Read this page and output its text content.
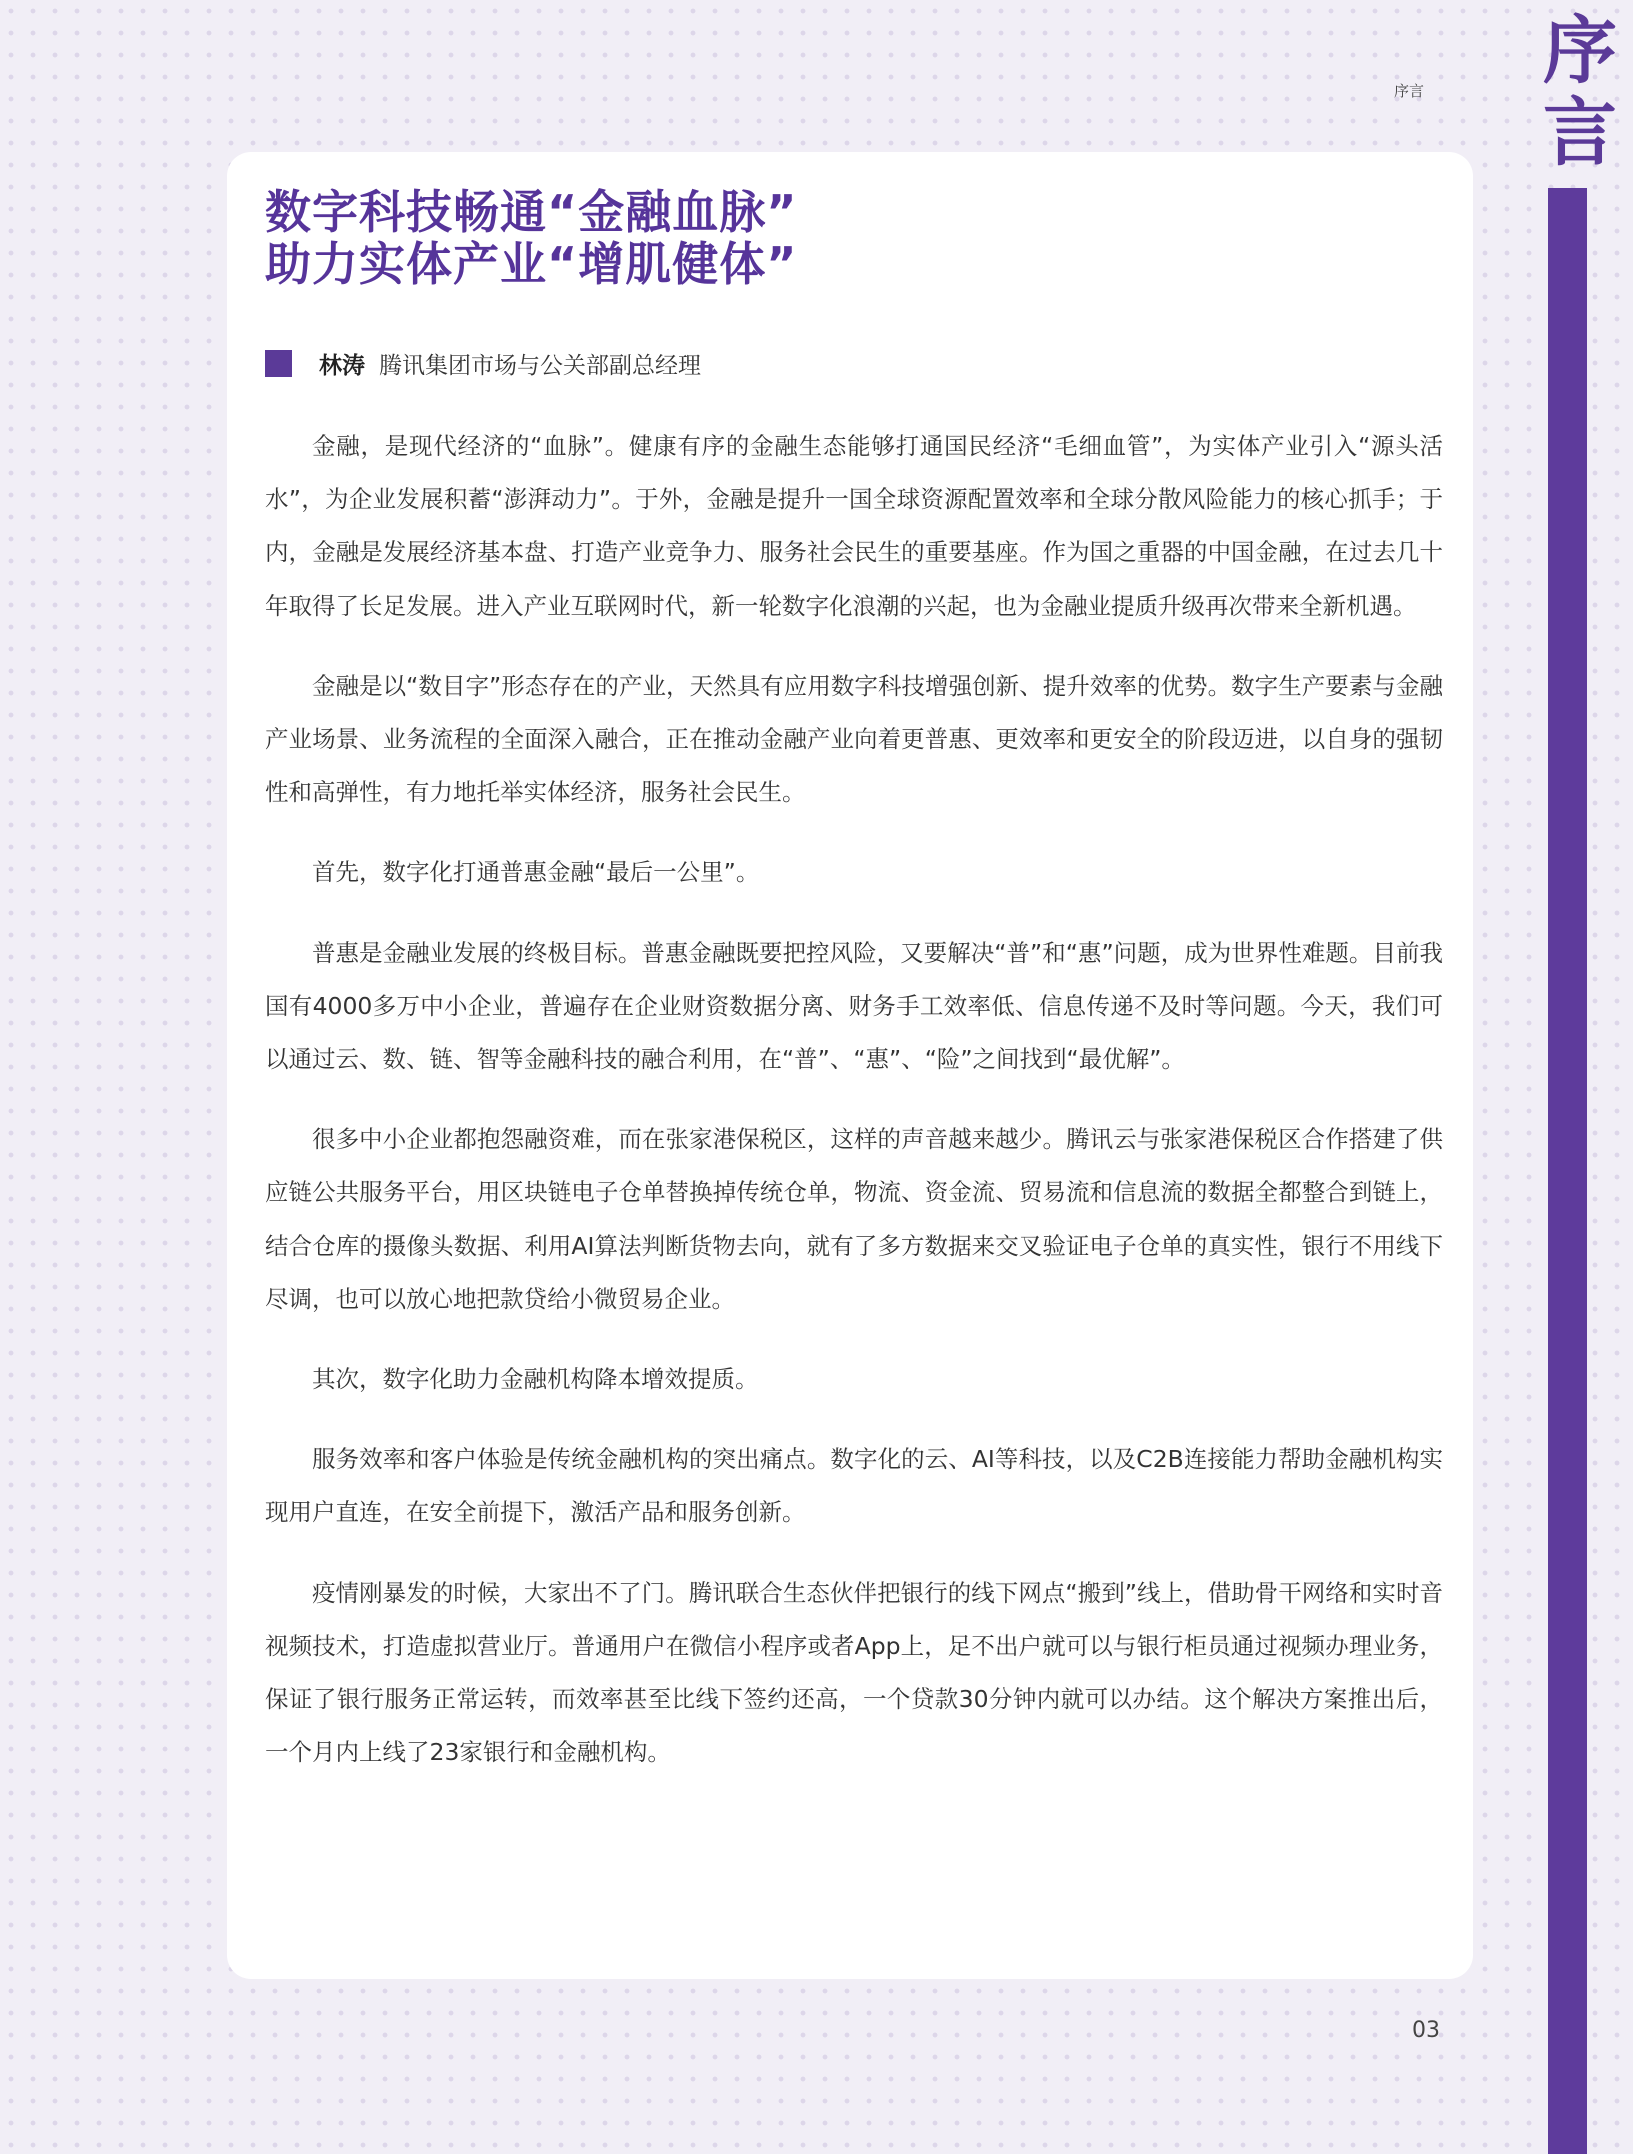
序
言
序言
数字科技畅通“金融血脉”
助力实体产业“增肌健体”
林涛 腾讯集团市场与公关部副总经理

金融，是现代经济的“血脉”。健康有序的金融生态能够打通国民经济“毛细血管”，为实体产业引入“源头活水”，为企业发展积蓄“澎湃动力”。于外，金融是提升一国全球资源配置效率和全球分散风险能力的核心抓手；于内，金融是发展经济基本盘、打造产业竞争力、服务社会民生的重要基座。作为国之重器的中国金融，在过去几十年取得了长足发展。进入产业互联网时代，新一轮数字化浪潮的兴起，也为金融业提质升级再次带来全新机遇。

金融是以“数目字”形态存在的产业，天然具有应用数字科技增强创新、提升效率的优势。数字生产要素与金融产业场景、业务流程的全面深入融合，正在推动金融产业向着更普惠、更效率和更安全的阶段迈进，以自身的强韧性和高弹性，有力地托举实体经济，服务社会民生。

首先，数字化打通普惠金融“最后一公里”。

普惠是金融业发展的终极目标。普惠金融既要把控风险，又要解决“普”和“惠”问题，成为世界性难题。目前我国有4000多万中小企业，普遍存在企业财资数据分离、财务手工效率低、信息传递不及时等问题。今天，我们可以通过云、数、链、智等金融科技的融合利用，在“普”、“惠”、“险”之间找到“最优解”。

很多中小企业都抱怨融资难，而在张家港保税区，这样的声音越来越少。腾讯云与张家港保税区合作搭建了供应链公共服务平台，用区块链电子仓单替换掉传统仓单，物流、资金流、贸易流和信息流的数据全都整合到链上，结合仓库的摄像头数据、利用AI算法判断货物去向，就有了多方数据来交叉验证电子仓单的真实性，银行不用线下尽调，也可以放心地把款贷给小微贸易企业。

其次，数字化助力金融机构降本增效提质。

服务效率和客户体验是传统金融机构的突出痛点。数字化的云、AI等科技，以及C2B连接能力帮助金融机构实现用户直连，在安全前提下，激活产品和服务创新。

疫情刚暴发的时候，大家出不了门。腾讯联合生态伙伴把银行的线下网点“搬到”线上，借助骨干网络和实时音视频技术，打造虚拟营业厅。普通用户在微信小程序或者App上，足不出户就可以与银行柜员通过视频办理业务，保证了银行服务正常运转，而效率甚至比线下签约还高，一个贷款30分钟内就可以办结。这个解决方案推出后，一个月内上线了23家银行和金融机构。

03
